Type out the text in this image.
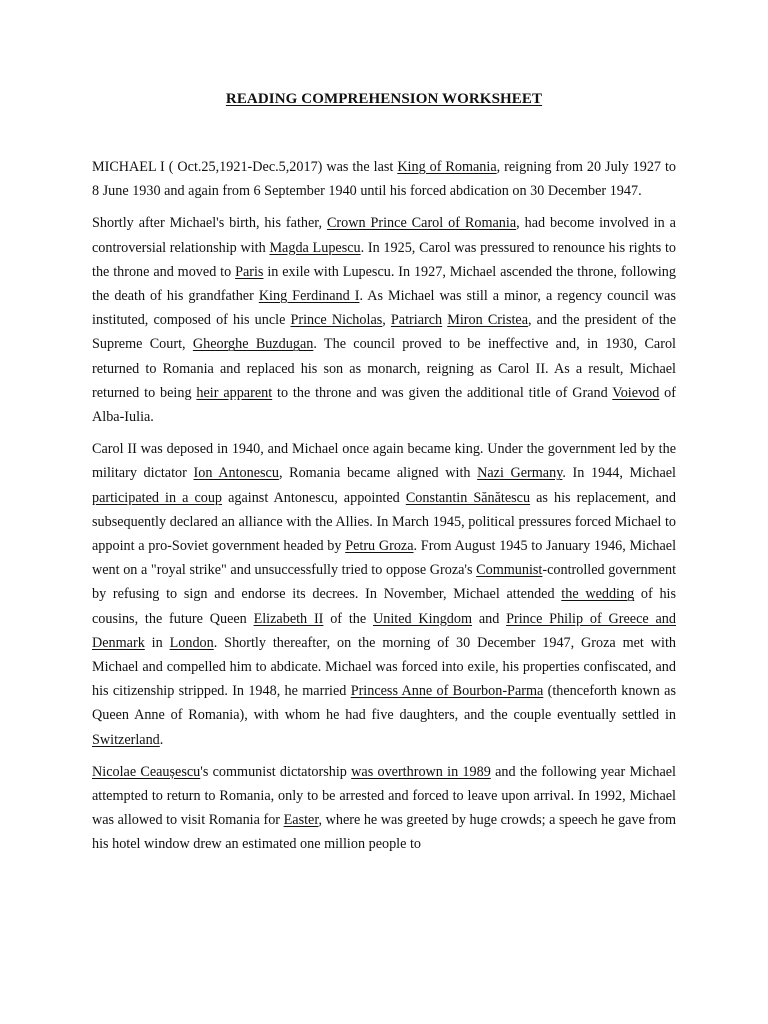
READING COMPREHENSION WORKSHEET

MICHAEL I ( Oct.25,1921-Dec.5,2017) was the last King of Romania, reigning from 20 July 1927 to 8 June 1930 and again from 6 September 1940 until his forced abdication on 30 December 1947.

Shortly after Michael's birth, his father, Crown Prince Carol of Romania, had become involved in a controversial relationship with Magda Lupescu. In 1925, Carol was pressured to renounce his rights to the throne and moved to Paris in exile with Lupescu. In 1927, Michael ascended the throne, following the death of his grandfather King Ferdinand I. As Michael was still a minor, a regency council was instituted, composed of his uncle Prince Nicholas, Patriarch Miron Cristea, and the president of the Supreme Court, Gheorghe Buzdugan. The council proved to be ineffective and, in 1930, Carol returned to Romania and replaced his son as monarch, reigning as Carol II. As a result, Michael returned to being heir apparent to the throne and was given the additional title of Grand Voievod of Alba-Iulia.

Carol II was deposed in 1940, and Michael once again became king. Under the government led by the military dictator Ion Antonescu, Romania became aligned with Nazi Germany. In 1944, Michael participated in a coup against Antonescu, appointed Constantin Sănătescu as his replacement, and subsequently declared an alliance with the Allies. In March 1945, political pressures forced Michael to appoint a pro-Soviet government headed by Petru Groza. From August 1945 to January 1946, Michael went on a "royal strike" and unsuccessfully tried to oppose Groza's Communist-controlled government by refusing to sign and endorse its decrees. In November, Michael attended the wedding of his cousins, the future Queen Elizabeth II of the United Kingdom and Prince Philip of Greece and Denmark in London. Shortly thereafter, on the morning of 30 December 1947, Groza met with Michael and compelled him to abdicate. Michael was forced into exile, his properties confiscated, and his citizenship stripped. In 1948, he married Princess Anne of Bourbon-Parma (thenceforth known as Queen Anne of Romania), with whom he had five daughters, and the couple eventually settled in Switzerland.

Nicolae Ceaușescu's communist dictatorship was overthrown in 1989 and the following year Michael attempted to return to Romania, only to be arrested and forced to leave upon arrival. In 1992, Michael was allowed to visit Romania for Easter, where he was greeted by huge crowds; a speech he gave from his hotel window drew an estimated one million people to
